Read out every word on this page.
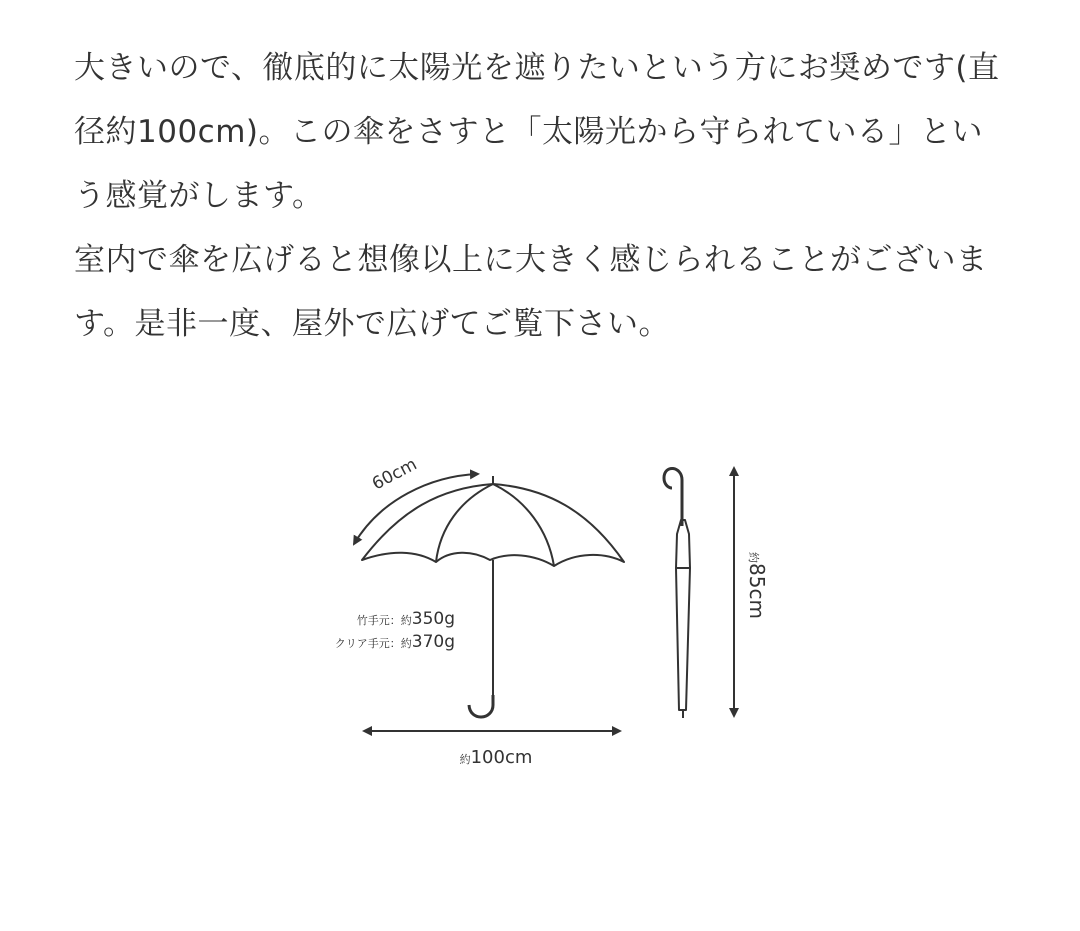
大きいので、徹底的に太陽光を遮りたいという方にお奨めです(直径約100cm)。この傘をさすと「太陽光から守られている」という感覚がします。

室内で傘を広げると想像以上に大きく感じられることがございます。是非一度、屋外で広げてご覧下さい。

60cm
竹手元：約350g
クリア手元：約370g
約100cm
約85cm
